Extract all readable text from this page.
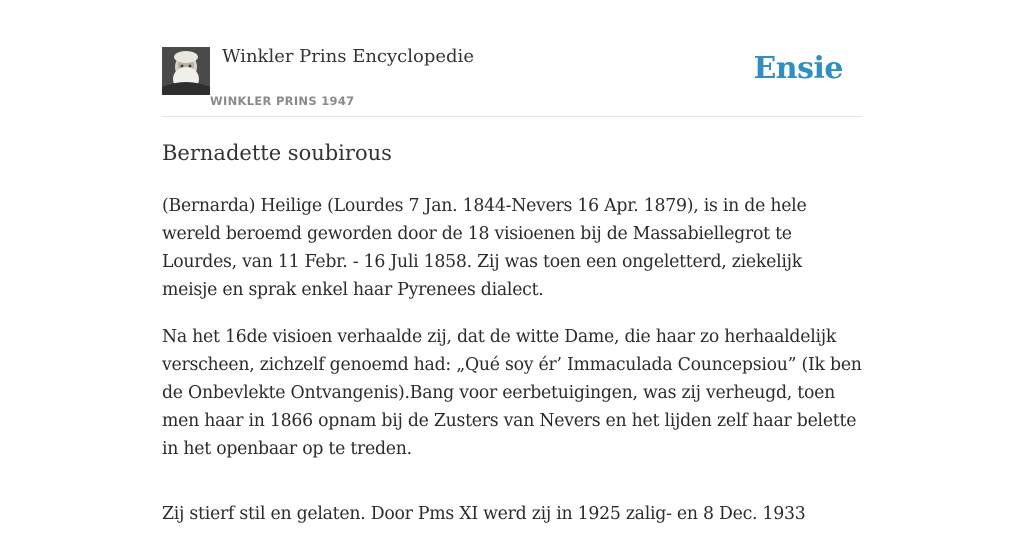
Winkler Prins Encyclopedie
WINKLER PRINS 1947
Ensie
Bernadette soubirous

(Bernarda) Heilige (Lourdes 7 Jan. 1844-Nevers 16 Apr. 1879), is in de hele wereld beroemd geworden door de 18 visioenen bij de Massabiellegrot te Lourdes, van 11 Febr. - 16 Juli 1858. Zij was toen een ongeletterd, ziekelijk meisje en sprak enkel haar Pyrenees dialect.

Na het 16de visioen verhaalde zij, dat de witte Dame, die haar zo herhaaldelijk verscheen, zichzelf genoemd had: „Qué soy ér’ Immaculada Councepsiou” (Ik ben de Onbevlekte Ontvangenis).Bang voor eerbetuigingen, was zij verheugd, toen men haar in 1866 opnam bij de Zusters van Nevers en het lijden zelf haar belette in het openbaar op te treden.

Zij stierf stil en gelaten. Door Pms XI werd zij in 1925 zalig- en 8 Dec. 1933
